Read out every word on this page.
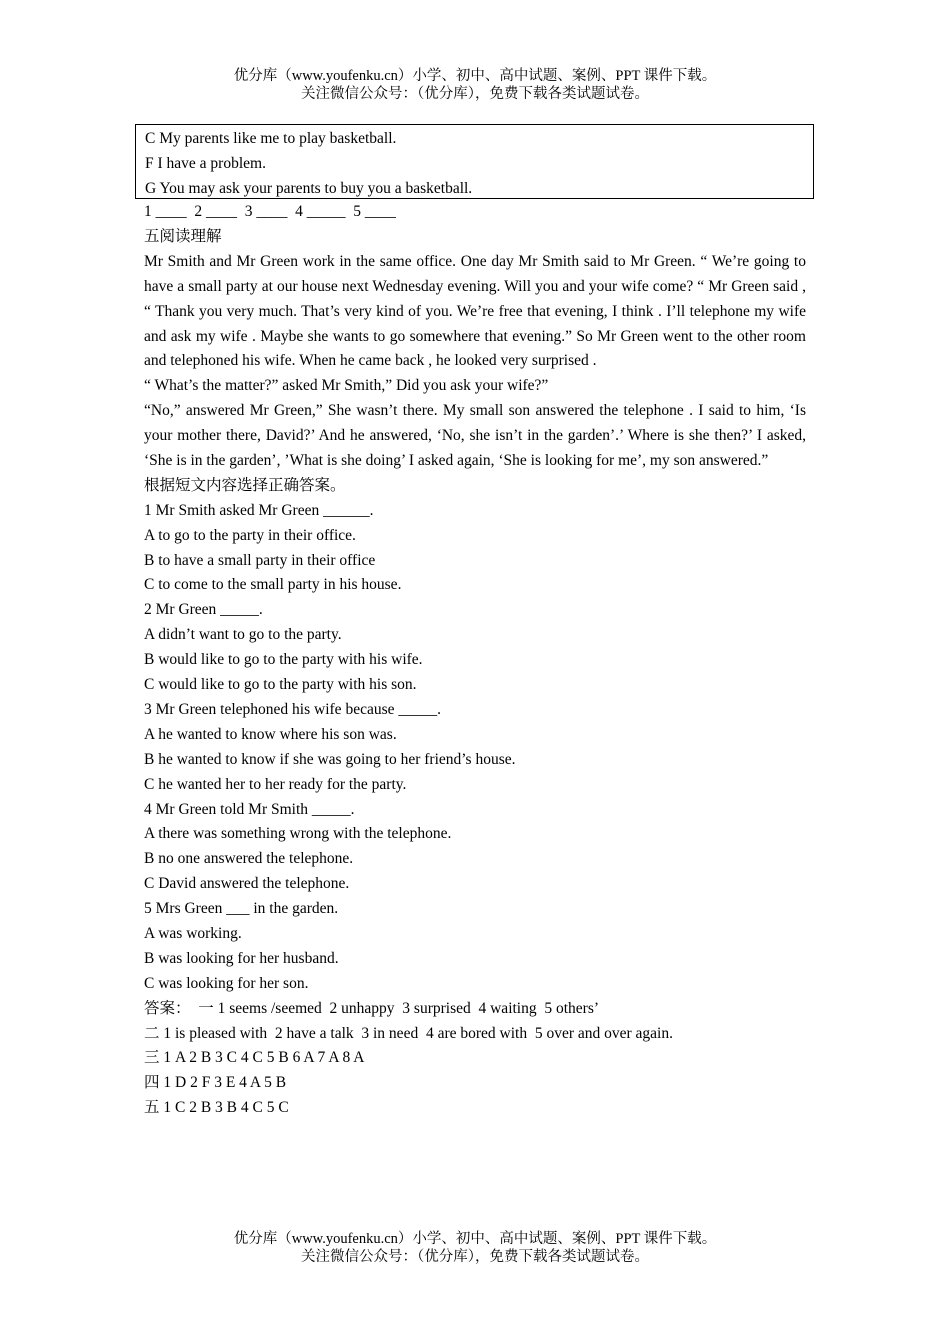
优分库（www.youfenku.cn）小学、初中、高中试题、案例、PPT 课件下载。
关注微信公众号：（优分库），免费下载各类试题试卷。
C My parents like me to play basketball.
F I have a problem.
G You may ask your parents to buy you a basketball.
1 ____  2 ____  3 ____  4 _____  5 ____
五阅读理解
Mr Smith and Mr Green work in the same office. One day Mr Smith said to Mr Green. “ We’re going to have a small party at our house next Wednesday evening. Will you and your wife come? “ Mr Green said , “ Thank you very much. That’s very kind of you. We’re free that evening, I think . I’ll telephone my wife and ask my wife . Maybe she wants to go somewhere that evening.” So Mr Green went to the other room and telephoned his wife. When he came back , he looked very surprised .
“ What’s the matter?” asked Mr Smith,” Did you ask your wife?”
“No,” answered Mr Green,” She wasn’t there. My small son answered the telephone . I said to him, ‘Is your mother there, David?’ And he answered, ‘No, she isn’t in the garden’.’ Where is she then?’ I asked, ‘She is in the garden’, ’What is she doing’ I asked again, ‘She is looking for me’, my son answered.”
根据短文内容选择正确答案。
1 Mr Smith asked Mr Green ______.
A to go to the party in their office.
B to have a small party in their office
C to come to the small party in his house.
2 Mr Green _____.
A didn’t want to go to the party.
B would like to go to the party with his wife.
C would like to go to the party with his son.
3 Mr Green telephoned his wife because _____.
A he wanted to know where his son was.
B he wanted to know if she was going to her friend’s house.
C he wanted her to her ready for the party.
4 Mr Green told Mr Smith _____.
A there was something wrong with the telephone.
B no one answered the telephone.
C David answered the telephone.
5 Mrs Green ___ in the garden.
A was working.
B was looking for her husband.
C was looking for her son.
答案：  一 1 seems /seemed  2 unhappy  3 surprised  4 waiting  5 others’
二 1 is pleased with  2 have a talk  3 in need  4 are bored with  5 over and over again.
三 1 A 2 B 3 C 4 C 5 B 6 A 7 A 8 A
四 1 D 2 F 3 E 4 A 5 B
五 1 C 2 B 3 B 4 C 5 C
优分库（www.youfenku.cn）小学、初中、高中试题、案例、PPT 课件下载。
关注微信公众号：（优分库），免费下载各类试题试卷。
